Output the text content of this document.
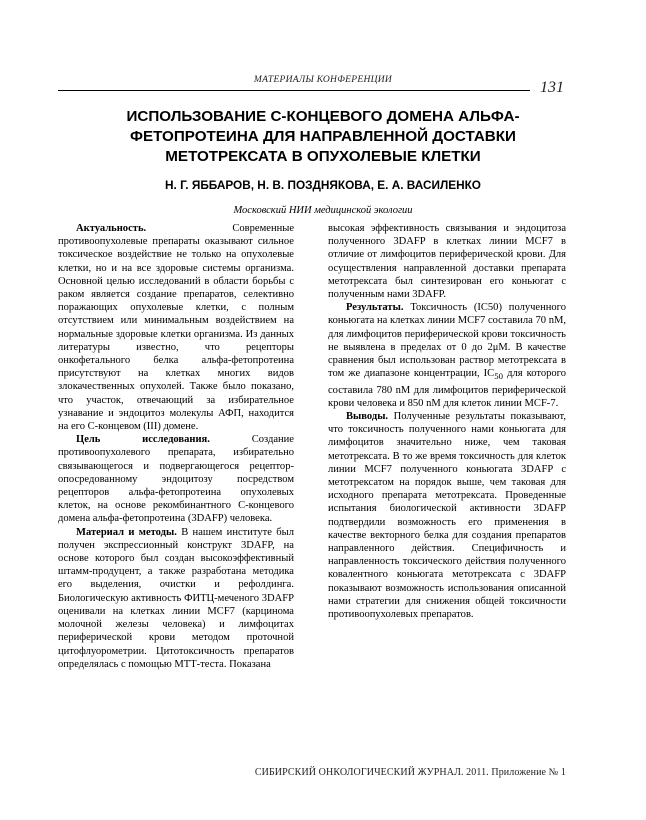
МАТЕРИАЛЫ КОНФЕРЕНЦИИ	131
ИСПОЛЬЗОВАНИЕ С-КОНЦЕВОГО ДОМЕНА АЛЬФА-ФЕТОПРОТЕИНА ДЛЯ НАПРАВЛЕННОЙ ДОСТАВКИ МЕТОТРЕКСАТА В ОПУХОЛЕВЫЕ КЛЕТКИ
Н. Г. ЯББАРОВ, Н. В. ПОЗДНЯКОВА, Е. А. ВАСИЛЕНКО
Московский НИИ медицинской экологии

Актуальность.	Современные противоопухолевые препараты оказывают сильное токсическое воздействие не только на опухолевые клетки, но и на все здоровые системы организма. Основной целью исследований в области борьбы с раком является создание препаратов, селективно поражающих опухолевые клетки, с полным отсутствием или минимальным воздействием на нормальные здоровые клетки организма. Из данных литературы известно, что рецепторы онкофетального белка альфа-фетопротеина присутствуют на клетках многих видов злокачественных опухолей. Также было показано, что участок, отвечающий за избирательное узнавание и эндоцитоз молекулы АФП, находится на его С-концевом (III) домене.

Цель исследования.	Создание противоопухолевого препарата, избирательно связывающегося и подвергающегося рецептор-опосредованному эндоцитозу посредством рецепторов альфа-фетопротеина опухолевых клеток, на основе рекомбинантного С-концевого домена альфа-фетопротеина (3DAFP) человека.

Материал и методы. В нашем институте был получен экспрессионный конструкт 3DAFP, на основе которого был создан высокоэффективный штамм-продуцент, а также разработана методика его выделения, очистки и рефолдинга. Биологическую активность ФИТЦ-меченого 3DAFP оценивали на клетках линии MCF7 (карцинома молочной железы человека) и лимфоцитах периферической крови методом проточной цитофлуорометрии. Цитотоксичность препаратов определялась с помощью МТТ-теста. Показана

высокая эффективность связывания и эндоцитоза полученного 3DAFP в клетках линии MCF7 в отличие от лимфоцитов периферической крови. Для осуществления направленной доставки препарата метотрексата был синтезирован его коньюгат с полученным нами 3DAFP.

Результаты. Токсичность (IC50) полученного коньюгата на клетках линии MCF7 составила 70 nM, для лимфоцитов периферической крови токсичность не выявлена в пределах от 0 до 2μM. В качестве сравнения был использован раствор метотрексата в том же диапазоне концентрации, $IC_{50}$ для которого составила 780 nM для лимфоцитов периферической крови человека и 850 nM для клеток линии MCF-7.

Выводы. Полученные результаты показывают, что токсичность полученного нами коньюгата для лимфоцитов значительно ниже, чем таковая метотрексата. В то же время токсичность для клеток линии MCF7 полученного коньюгата 3DAFP с метотрексатом на порядок выше, чем таковая для исходного препарата метотрексата. Проведенные испытания биологической активности 3DAFP подтвердили возможность его применения в качестве векторного белка для создания препаратов направленного действия. Специфичность и направленность токсического действия полученного ковалентного коньюгата метотрексата с 3DAFP показывают возможность использования описанной нами стратегии для снижения общей токсичности противоопухолевых препаратов.

СИБИРСКИЙ ОНКОЛОГИЧЕСКИЙ ЖУРНАЛ. 2011. Приложение № 1
